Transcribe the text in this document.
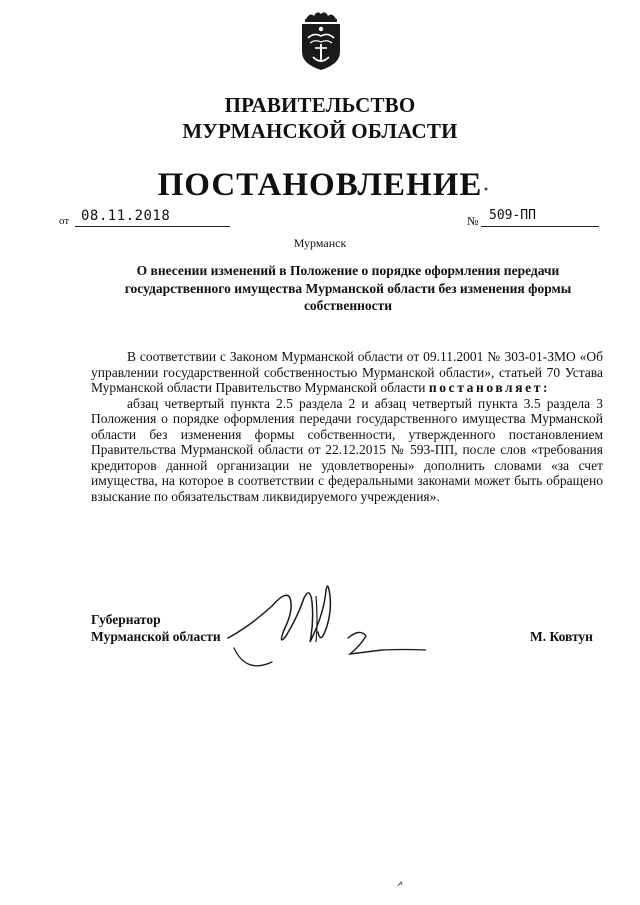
ПРАВИТЕЛЬСТВО
МУРМАНСКОЙ ОБЛАСТИ
ПОСТАНОВЛЕНИЕ
от 08.11.2018	№ 509-ПП
Мурманск
О внесении изменений в Положение о порядке оформления передачи государственного имущества Мурманской области без изменения формы собственности

В соответствии с Законом Мурманской области от 09.11.2001 № 303-01-ЗМО «Об управлении государственной собственностью Мурманской области», статьей 70 Устава Мурманской области Правительство Мурманской области постановляет:

абзац четвертый пункта 2.5 раздела 2 и абзац четвертый пункта 3.5 раздела 3 Положения о порядке оформления передачи государственного имущества Мурманской области без изменения формы собственности, утвержденного постановлением Правительства Мурманской области от 22.12.2015 № 593-ПП, после слов «требования кредиторов данной организации не удовлетворены» дополнить словами «за счет имущества, на которое в соответствии с федеральными законами может быть обращено взыскание по обязательствам ликвидируемого учреждения».

Губернатор
Мурманской области	М. Ковтун
